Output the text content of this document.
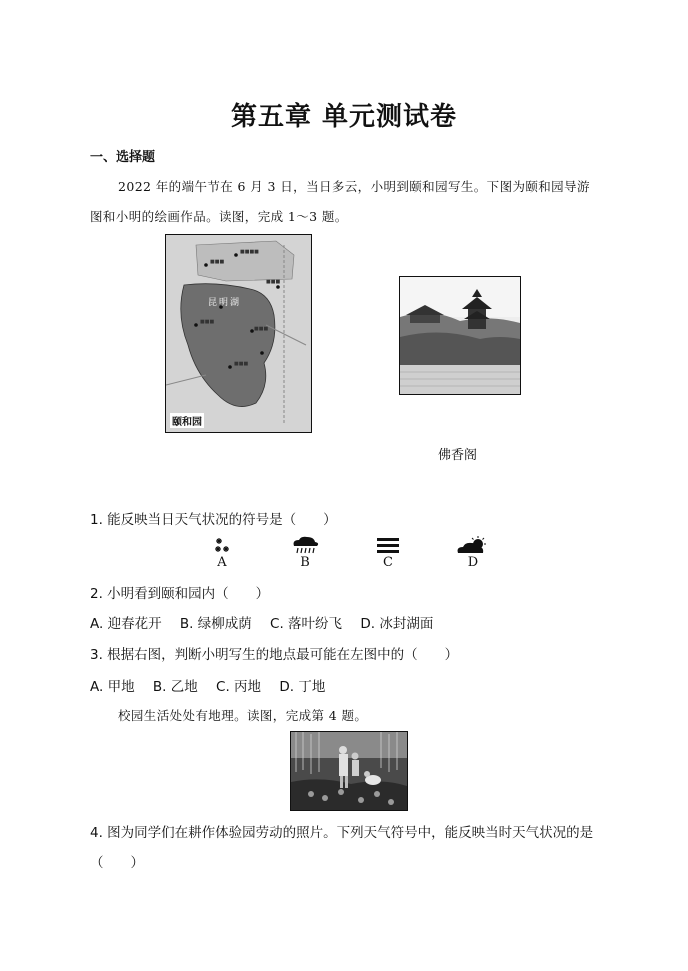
第五章 单元测试卷
一、选择题
2022 年的端午节在 6 月 3 日，当日多云，小明到颐和园写生。下图为颐和园导游
图和小明的绘画作品。读图，完成 1～3 题。
■■■
■■■■
■■■
■■■
■■■
■■■
昆明湖
颐和园
佛香阁
1. 能反映当日天气状况的符号是（　　）
A	B	C	D
2. 小明看到颐和园内（　　）
A. 迎春花开 B. 绿柳成荫 C. 落叶纷飞 D. 冰封湖面
3. 根据右图，判断小明写生的地点最可能在左图中的（　　）
A. 甲地 B. 乙地 C. 丙地 D. 丁地
校园生活处处有地理。读图，完成第 4 题。
4. 图为同学们在耕作体验园劳动的照片。下列天气符号中，能反映当时天气状况的是
（　　）
